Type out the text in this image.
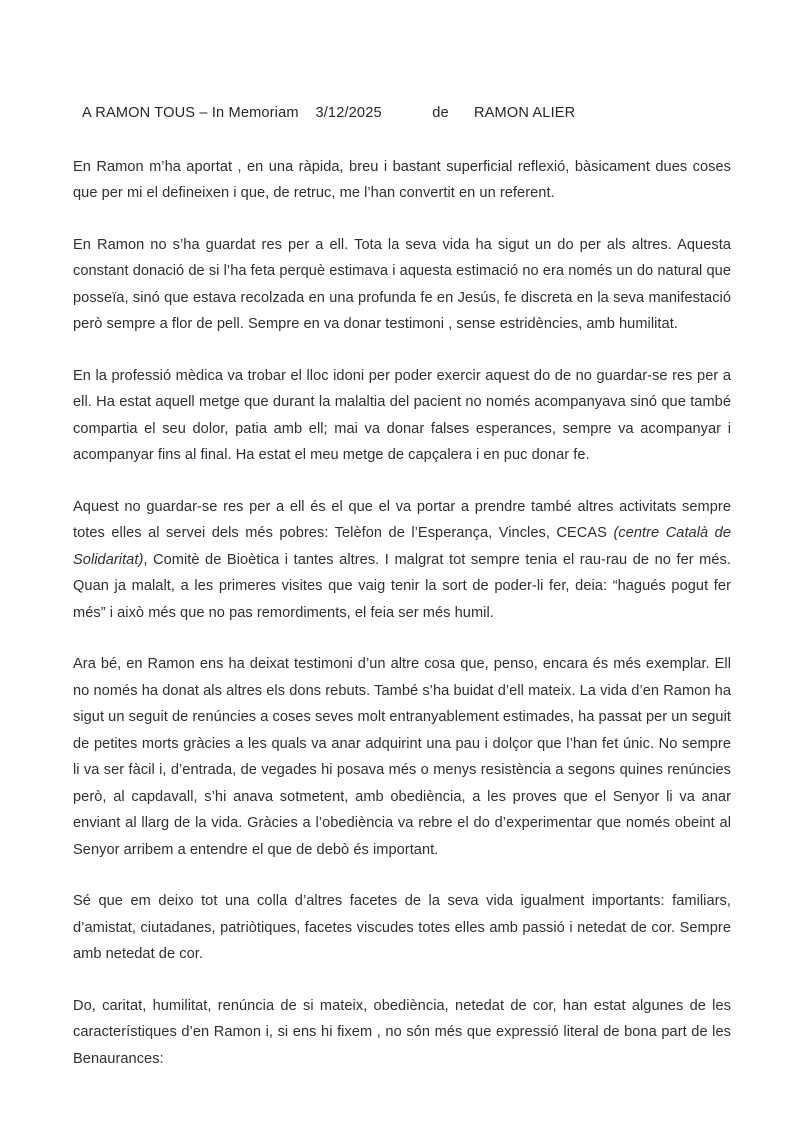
A RAMON TOUS – In Memoriam    3/12/2025            de      RAMON ALIER

En Ramon m’ha aportat , en una ràpida, breu i bastant superficial reflexió, bàsicament dues coses que per mi el defineixen i que, de retruc, me l’han convertit en un referent.

En Ramon no s’ha guardat res per a ell. Tota la seva vida ha sigut un do per als altres. Aquesta constant donació de si l’ha feta perquè estimava i aquesta estimació no era només un do natural que posseïa, sinó que estava recolzada en una profunda fe en Jesús, fe discreta en la seva manifestació però sempre a flor de pell. Sempre en va donar testimoni , sense estridències, amb humilitat.

En la professió mèdica va trobar el lloc idoni per poder exercir aquest do de no guardar-se res per a ell. Ha estat aquell metge que durant la malaltia del pacient no només acompanyava sinó que també compartia el seu dolor, patia amb ell; mai va donar falses esperances, sempre va acompanyar i acompanyar fins al final. Ha estat el meu metge de capçalera i en puc donar fe.

Aquest no guardar-se res per a ell és el que el va portar a prendre també altres activitats sempre totes elles al servei dels més pobres: Telèfon de l’Esperança, Vincles, CECAS (centre Català de Solidaritat), Comitè de Bioètica i tantes altres. I malgrat tot sempre tenia el rau-rau de no fer més. Quan ja malalt, a les primeres visites que vaig tenir la sort de poder-li fer, deia: “hagués pogut fer més” i això més que no pas remordiments, el feia ser més humil.

Ara bé, en Ramon ens ha deixat testimoni d’un altre cosa que, penso, encara és més exemplar. Ell no només ha donat als altres els dons rebuts. També s’ha buidat d’ell mateix. La vida d’en Ramon ha sigut un seguit de renúncies a coses seves molt entranyablement estimades, ha passat per un seguit de petites morts gràcies a les quals va anar adquirint una pau i dolçor que l’han fet únic. No sempre li va ser fàcil i, d’entrada, de vegades hi posava més o menys resistència a segons quines renúncies però, al capdavall, s’hi anava sotmetent, amb obediència, a les proves que el Senyor li va anar enviant al llarg de la vida. Gràcies a l’obediència va rebre el do d’experimentar que només obeint al Senyor arribem a entendre el que de debò és important.

Sé que em deixo tot una colla d’altres facetes de la seva vida igualment importants: familiars, d’amistat, ciutadanes, patriòtiques, facetes viscudes totes elles amb passió i netedat de cor. Sempre amb netedat de cor.

Do, caritat, humilitat, renúncia de si mateix, obediència, netedat de cor, han estat algunes de les característiques d’en Ramon i, si ens hi fixem , no són més que expressió literal de bona part de les Benaurances:
